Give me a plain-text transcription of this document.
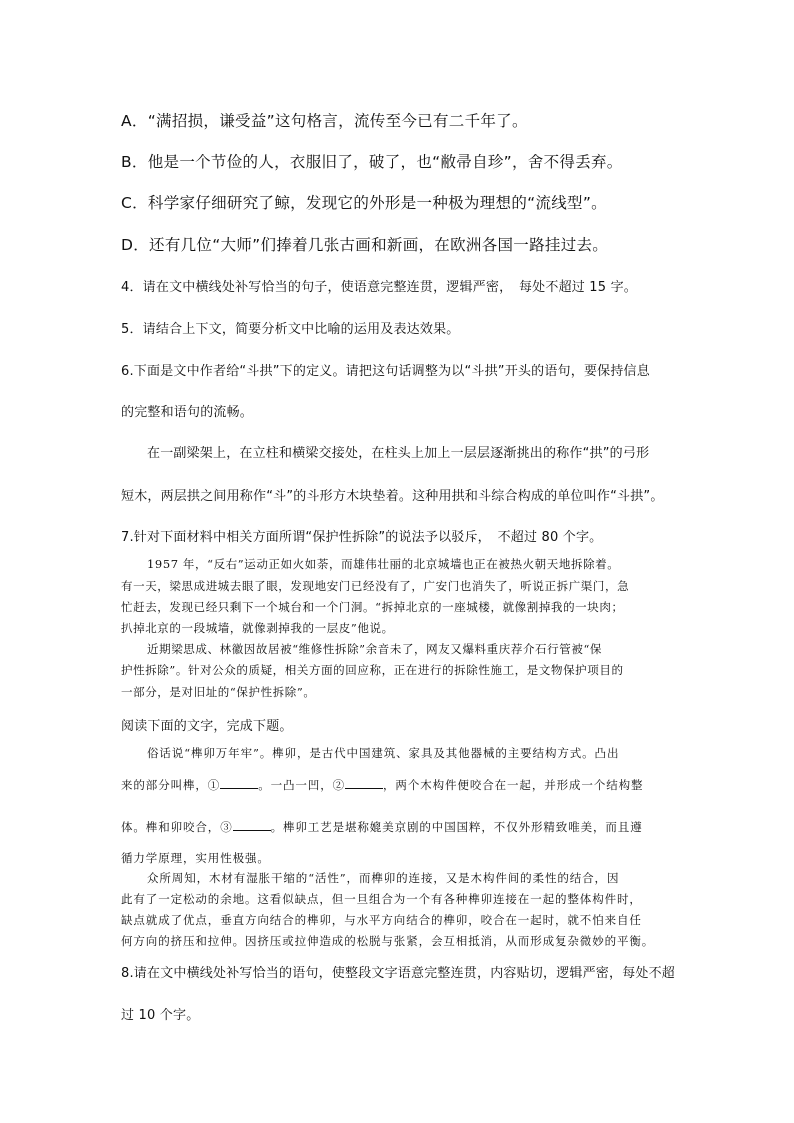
A．“满招损，谦受益”这句格言，流传至今已有二千年了。
B．他是一个节俭的人，衣服旧了，破了，也“敝帚自珍”，舍不得丢弃。
C．科学家仔细研究了鲸，发现它的外形是一种极为理想的“流线型”。
D．还有几位“大师”们捧着几张古画和新画，在欧洲各国一路挂过去。
4．请在文中横线处补写恰当的句子，使语意完整连贯，逻辑严密，　每处不超过 15 字。
5．请结合上下文，简要分析文中比喻的运用及表达效果。
6.下面是文中作者给“斗拱”下的定义。请把这句话调整为以“斗拱”开头的语句，要保持信息
的完整和语句的流畅。
在一副梁架上，在立柱和横梁交接处，在柱头上加上一层层逐渐挑出的称作“拱”的弓形
短木，两层拱之间用称作“斗”的斗形方木块垫着。这种用拱和斗综合构成的单位叫作“斗拱”。
7.针对下面材料中相关方面所谓“保护性拆除”的说法予以驳斥，　不超过 80 个字。
1957 年，“反右”运动正如火如荼，而雄伟壮丽的北京城墙也正在被热火朝天地拆除着。
有一天，梁思成进城去眼了眼，发现地安门已经没有了，广安门也消失了，听说正拆广渠门，急
忙赶去，发现已经只剩下一个城台和一个门洞。“拆掉北京的一座城楼，就像割掉我的一块肉；
扒掉北京的一段城墙，就像剥掉我的一层皮”他说。
近期梁思成、林徽因故居被“维修性拆除”余音未了，网友又爆料重庆荐介石行管被“保
护性拆除”。针对公众的质疑，相关方面的回应称，正在进行的拆除性施工，是文物保护项目的
一部分，是对旧址的“保护性拆除”。
阅读下面的文字，完成下题。
俗话说“榫卯万年牢”。榫卯，是古代中国建筑、家具及其他器械的主要结构方式。凸出
来的部分叫榫，①	。一凸一凹，②	，两个木构件便咬合在一起，并形成一个结构整
体。榫和卯咬合，③	。榫卯工艺是堪称媲美京剧的中国国粹，不仅外形精致唯美，而且遵
循力学原理，实用性极强。
众所周知，木材有湿胀干缩的“活性”，而榫卯的连接，又是木构件间的柔性的结合，因
此有了一定松动的余地。这看似缺点，但一旦组合为一个有各种榫卯连接在一起的整体构件时，
缺点就成了优点，垂直方向结合的榫卯，与水平方向结合的榫卯，咬合在一起时，就不怕来自任
何方向的挤压和拉伸。因挤压或拉伸造成的松脱与张紧，会互相抵消，从而形成复杂微妙的平衡。
8.请在文中横线处补写恰当的语句，使整段文字语意完整连贯，内容贴切，逻辑严密，每处不超
过 10 个字。
